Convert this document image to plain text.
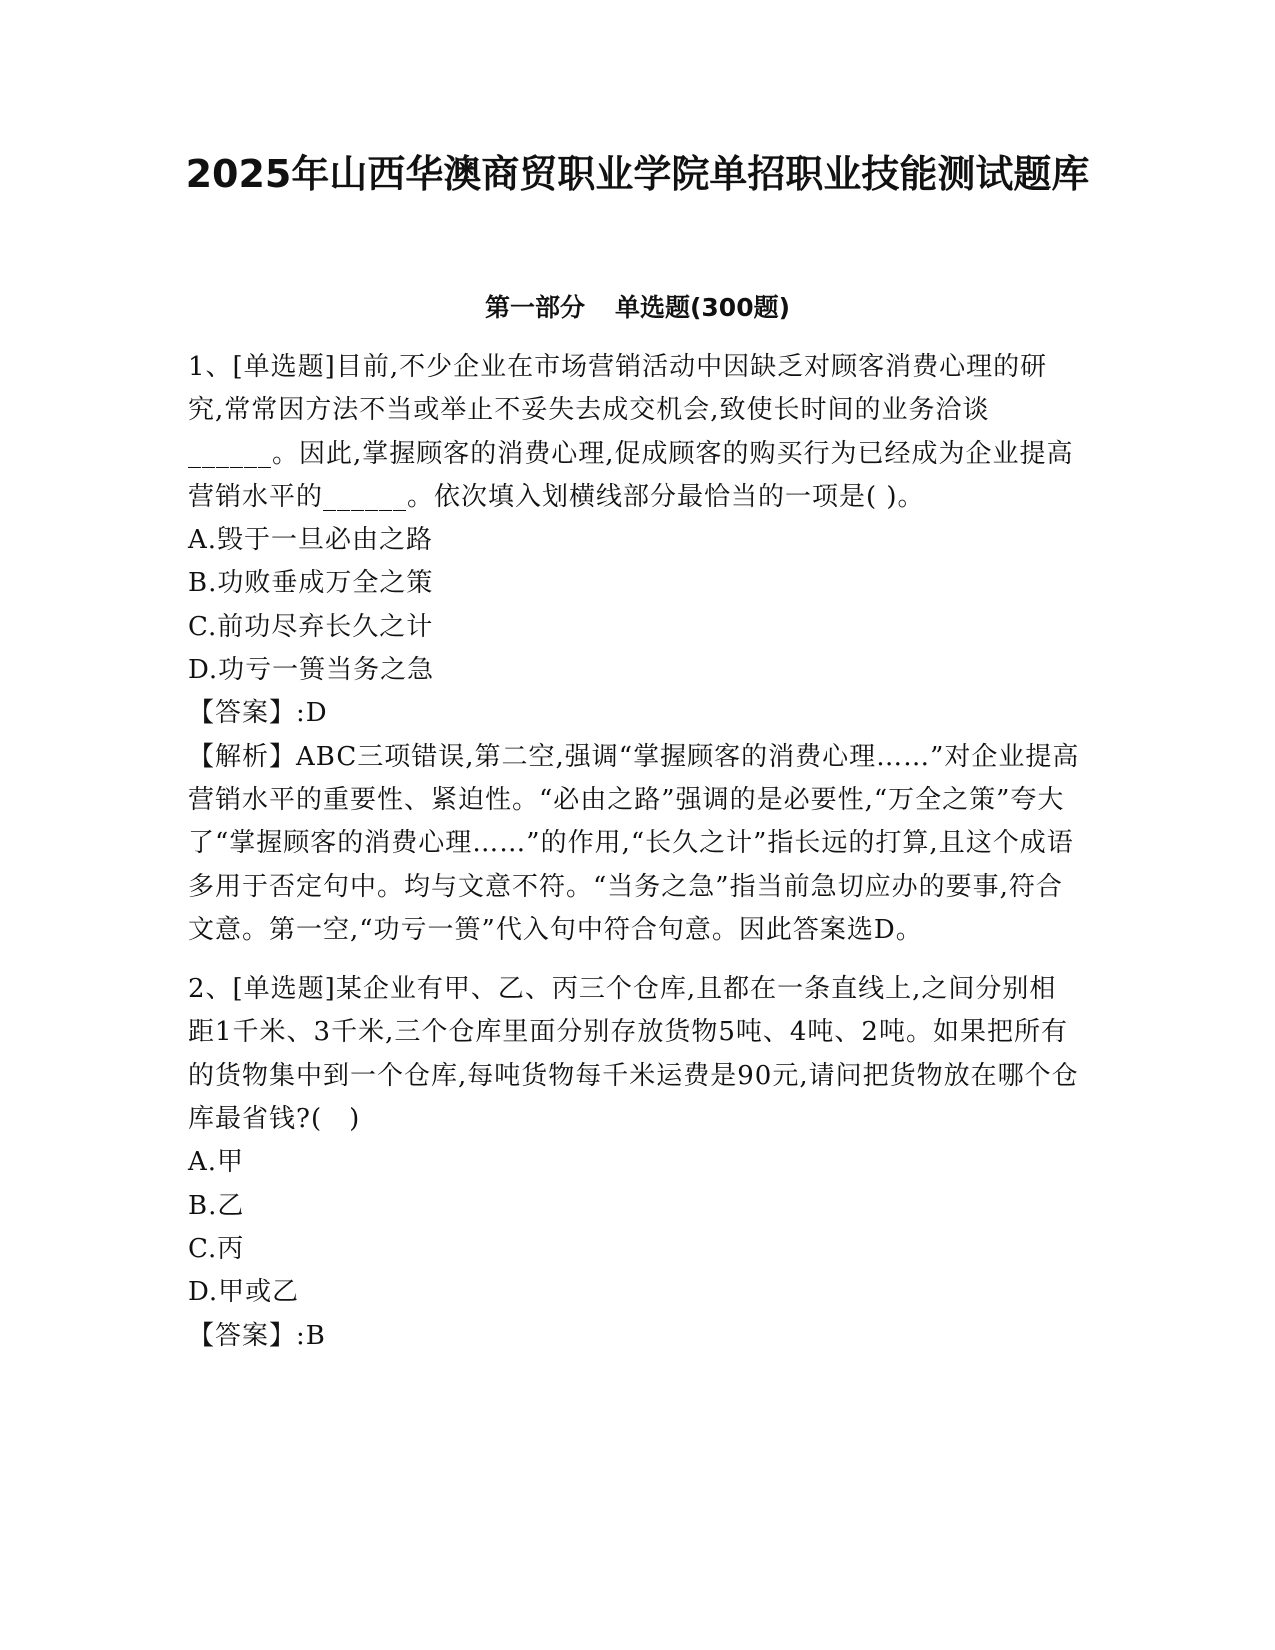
2025年山西华澳商贸职业学院单招职业技能测试题库
第一部分 单选题(300题)

1、[单选题]目前,不少企业在市场营销活动中因缺乏对顾客消费心理的研究,常常因方法不当或举止不妥失去成交机会,致使长时间的业务洽谈______。因此,掌握顾客的消费心理,促成顾客的购买行为已经成为企业提高营销水平的______。依次填入划横线部分最恰当的一项是( )。

A.毁于一旦必由之路

B.功败垂成万全之策

C.前功尽弃长久之计

D.功亏一篑当务之急

【答案】:D

【解析】ABC三项错误,第二空,强调“掌握顾客的消费心理……”对企业提高营销水平的重要性、紧迫性。“必由之路”强调的是必要性,“万全之策”夸大了“掌握顾客的消费心理……”的作用,“长久之计”指长远的打算,且这个成语多用于否定句中。均与文意不符。“当务之急”指当前急切应办的要事,符合文意。第一空,“功亏一篑”代入句中符合句意。因此答案选D。

2、[单选题]某企业有甲、乙、丙三个仓库,且都在一条直线上,之间分别相距1千米、3千米,三个仓库里面分别存放货物5吨、4吨、2吨。如果把所有的货物集中到一个仓库,每吨货物每千米运费是90元,请问把货物放在哪个仓库最省钱?(　)

A.甲

B.乙

C.丙

D.甲或乙

【答案】:B
